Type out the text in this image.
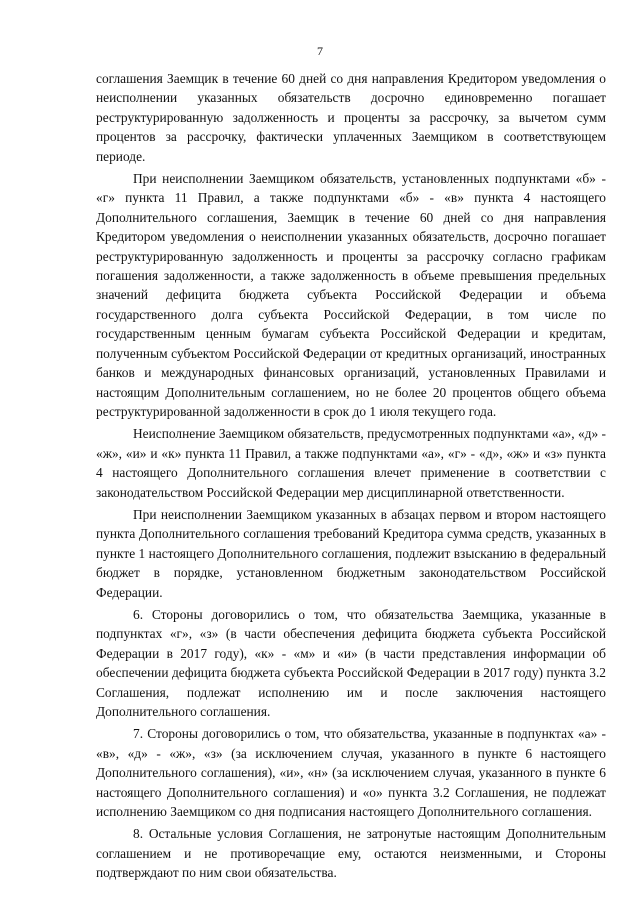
7

соглашения Заемщик в течение 60 дней со дня направления Кредитором уведомления о неисполнении указанных обязательств досрочно единовременно погашает реструктурированную задолженность и проценты за рассрочку, за вычетом сумм процентов за рассрочку, фактически уплаченных Заемщиком в соответствующем периоде.

При неисполнении Заемщиком обязательств, установленных подпунктами «б» - «г» пункта 11 Правил, а также подпунктами «б» - «в» пункта 4 настоящего Дополнительного соглашения, Заемщик в течение 60 дней со дня направления Кредитором уведомления о неисполнении указанных обязательств, досрочно погашает реструктурированную задолженность и проценты за рассрочку согласно графикам погашения задолженности, а также задолженность в объеме превышения предельных значений дефицита бюджета субъекта Российской Федерации и объема государственного долга субъекта Российской Федерации, в том числе по государственным ценным бумагам субъекта Российской Федерации и кредитам, полученным субъектом Российской Федерации от кредитных организаций, иностранных банков и международных финансовых организаций, установленных Правилами и настоящим Дополнительным соглашением, но не более 20 процентов общего объема реструктурированной задолженности в срок до 1 июля текущего года.

Неисполнение Заемщиком обязательств, предусмотренных подпунктами «а», «д» - «ж», «и» и «к» пункта 11 Правил, а также подпунктами «а», «г» - «д», «ж» и «з» пункта 4 настоящего Дополнительного соглашения влечет применение в соответствии с законодательством Российской Федерации мер дисциплинарной ответственности.

При неисполнении Заемщиком указанных в абзацах первом и втором настоящего пункта Дополнительного соглашения требований Кредитора сумма средств, указанных в пункте 1 настоящего Дополнительного соглашения, подлежит взысканию в федеральный бюджет в порядке, установленном бюджетным законодательством Российской Федерации.

6. Стороны договорились о том, что обязательства Заемщика, указанные в подпунктах «г», «з» (в части обеспечения дефицита бюджета субъекта Российской Федерации в 2017 году), «к» - «м» и «и» (в части представления информации об обеспечении дефицита бюджета субъекта Российской Федерации в 2017 году) пункта 3.2 Соглашения, подлежат исполнению им и после заключения настоящего Дополнительного соглашения.

7. Стороны договорились о том, что обязательства, указанные в подпунктах «а» - «в», «д» - «ж», «з» (за исключением случая, указанного в пункте 6 настоящего Дополнительного соглашения), «и», «н» (за исключением случая, указанного в пункте 6 настоящего Дополнительного соглашения) и «о» пункта 3.2 Соглашения, не подлежат исполнению Заемщиком со дня подписания настоящего Дополнительного соглашения.

8. Остальные условия Соглашения, не затронутые настоящим Дополнительным соглашением и не противоречащие ему, остаются неизменными, и Стороны подтверждают по ним свои обязательства.
